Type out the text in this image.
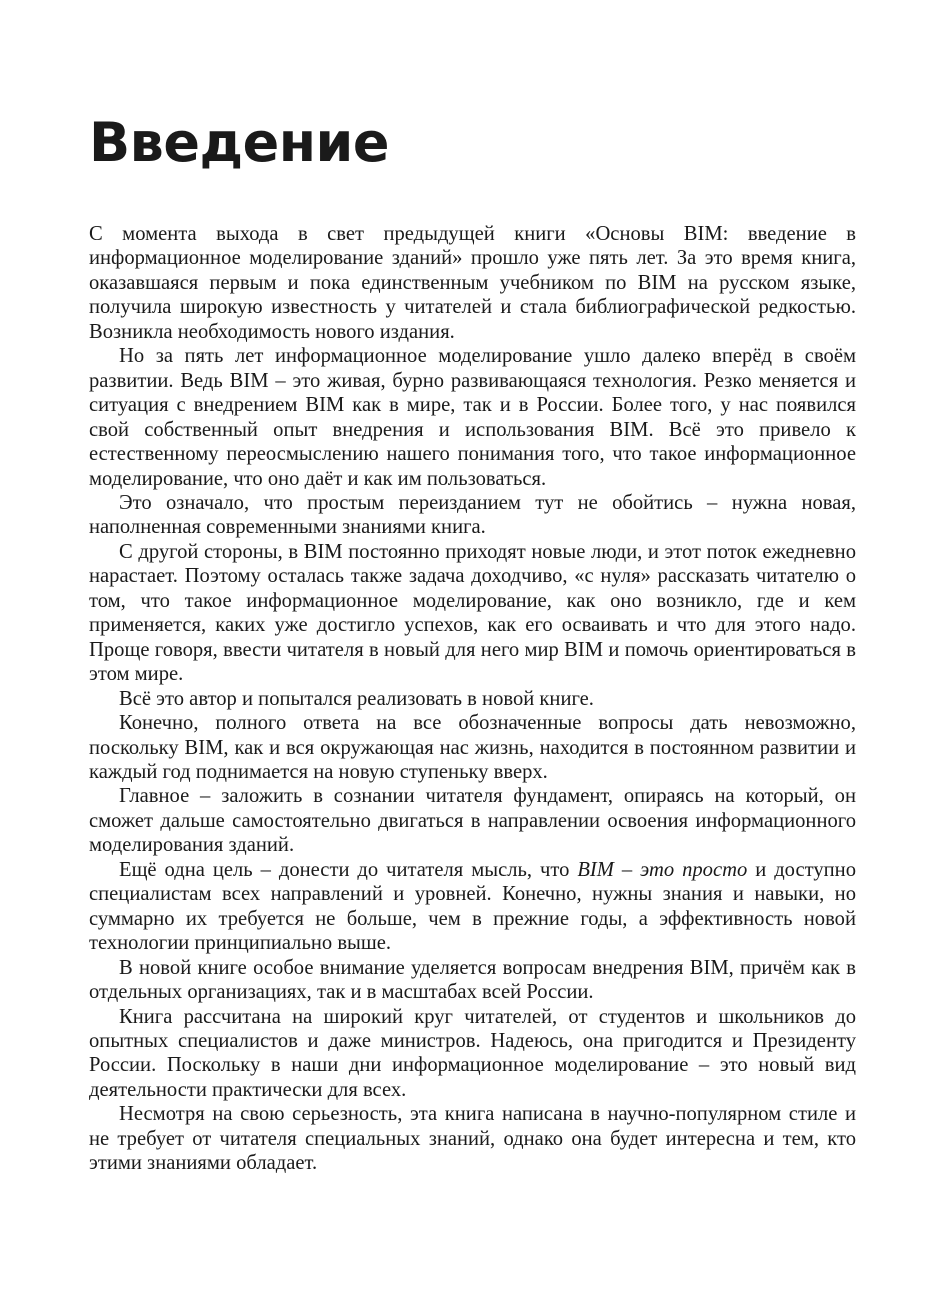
Введение

С момента выхода в свет предыдущей книги «Основы BIM: введение в информационное моделирование зданий» прошло уже пять лет. За это время книга, оказавшаяся первым и пока единственным учебником по BIM на русском языке, получила широкую известность у читателей и стала библиографической редкостью. Возникла необходимость нового издания.

Но за пять лет информационное моделирование ушло далеко вперёд в своём развитии. Ведь BIM – это живая, бурно развивающаяся технология. Резко меняется и ситуация с внедрением BIM как в мире, так и в России. Более того, у нас появился свой собственный опыт внедрения и использования BIM. Всё это привело к естественному переосмыслению нашего понимания того, что такое информационное моделирование, что оно даёт и как им пользоваться.

Это означало, что простым переизданием тут не обойтись – нужна новая, наполненная современными знаниями книга.

С другой стороны, в BIM постоянно приходят новые люди, и этот поток ежедневно нарастает. Поэтому осталась также задача доходчиво, «с нуля» рассказать читателю о том, что такое информационное моделирование, как оно возникло, где и кем применяется, каких уже достигло успехов, как его осваивать и что для этого надо. Проще говоря, ввести читателя в новый для него мир BIM и помочь ориентироваться в этом мире.

Всё это автор и попытался реализовать в новой книге.

Конечно, полного ответа на все обозначенные вопросы дать невозможно, поскольку BIM, как и вся окружающая нас жизнь, находится в постоянном развитии и каждый год поднимается на новую ступеньку вверх.

Главное – заложить в сознании читателя фундамент, опираясь на который, он сможет дальше самостоятельно двигаться в направлении освоения информационного моделирования зданий.

Ещё одна цель – донести до читателя мысль, что BIM – это просто и доступно специалистам всех направлений и уровней. Конечно, нужны знания и навыки, но суммарно их требуется не больше, чем в прежние годы, а эффективность новой технологии принципиально выше.

В новой книге особое внимание уделяется вопросам внедрения BIM, причём как в отдельных организациях, так и в масштабах всей России.

Книга рассчитана на широкий круг читателей, от студентов и школьников до опытных специалистов и даже министров. Надеюсь, она пригодится и Президенту России. Поскольку в наши дни информационное моделирование – это новый вид деятельности практически для всех.

Несмотря на свою серьезность, эта книга написана в научно-популярном стиле и не требует от читателя специальных знаний, однако она будет интересна и тем, кто этими знаниями обладает.
